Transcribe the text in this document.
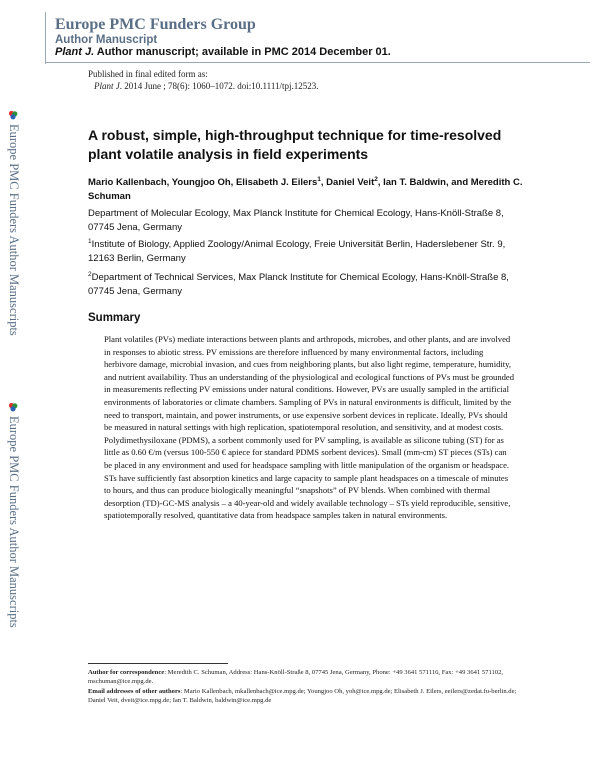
Europe PMC Funders Group
Author Manuscript
Plant J. Author manuscript; available in PMC 2014 December 01.
Published in final edited form as:
Plant J. 2014 June ; 78(6): 1060–1072. doi:10.1111/tpj.12523.
Europe PMC Funders Author Manuscripts
Europe PMC Funders Author Manuscripts
A robust, simple, high-throughput technique for time-resolved plant volatile analysis in field experiments
Mario Kallenbach, Youngjoo Oh, Elisabeth J. Eilers$^1$, Daniel Veit$^2$, Ian T. Baldwin, and Meredith C. Schuman
Department of Molecular Ecology, Max Planck Institute for Chemical Ecology, Hans-Knöll-Straße 8, 07745 Jena, Germany
$^1$Institute of Biology, Applied Zoology/Animal Ecology, Freie Universität Berlin, Haderslebener Str. 9, 12163 Berlin, Germany
$^2$Department of Technical Services, Max Planck Institute for Chemical Ecology, Hans-Knöll-Straße 8, 07745 Jena, Germany
Summary

Plant volatiles (PVs) mediate interactions between plants and arthropods, microbes, and other plants, and are involved in responses to abiotic stress. PV emissions are therefore influenced by many environmental factors, including herbivore damage, microbial invasion, and cues from neighboring plants, but also light regime, temperature, humidity, and nutrient availability. Thus an understanding of the physiological and ecological functions of PVs must be grounded in measurements reflecting PV emissions under natural conditions. However, PVs are usually sampled in the artificial environments of laboratories or climate chambers. Sampling of PVs in natural environments is difficult, limited by the need to transport, maintain, and power instruments, or use expensive sorbent devices in replicate. Ideally, PVs should be measured in natural settings with high replication, spatiotemporal resolution, and sensitivity, and at modest costs. Polydimethysiloxane (PDMS), a sorbent commonly used for PV sampling, is available as silicone tubing (ST) for as little as 0.60 €/m (versus 100-550 € apiece for standard PDMS sorbent devices). Small (mm-cm) ST pieces (STs) can be placed in any environment and used for headspace sampling with little manipulation of the organism or headspace. STs have sufficiently fast absorption kinetics and large capacity to sample plant headspaces on a timescale of minutes to hours, and thus can produce biologically meaningful “snapshots” of PV blends. When combined with thermal desorption (TD)-GC-MS analysis – a 40-year-old and widely available technology – STs yield reproducible, sensitive, spatiotemporally resolved, quantitative data from headspace samples taken in natural environments.

Author for correspondence: Meredith C. Schuman, Address: Hans-Knöll-Straße 8, 07745 Jena, Germany, Phone: +49 3641 571116, Fax: +49 3641 571102, mschuman@ice.mpg.de.
Email addresses of other authors: Mario Kallenbach, mkallenbach@ice.mpg.de; Youngjoo Oh, yoh@ice.mpg.de; Elisabeth J. Eilers, eeilers@zedat.fu-berlin.de; Daniel Veit, dveit@ice.mpg.de; Ian T. Baldwin, baldwin@ice.mpg.de
